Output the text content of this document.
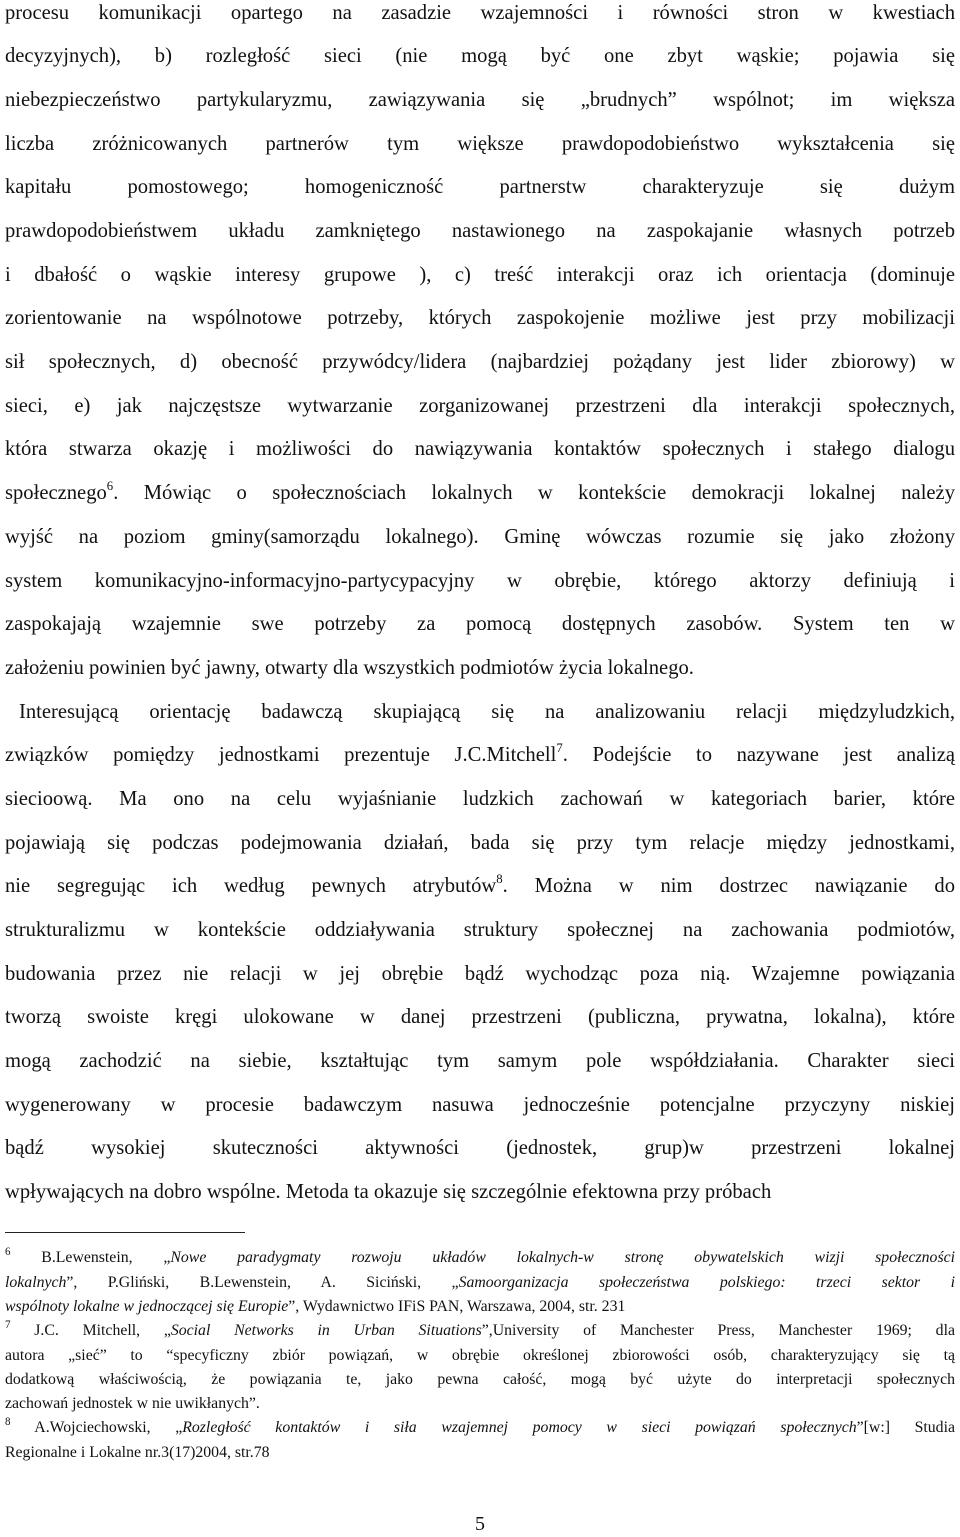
procesu komunikacji opartego na zasadzie wzajemności i równości stron w kwestiach
decyzyjnych), b) rozległość sieci (nie mogą być one zbyt wąskie; pojawia się
niebezpieczeństwo partykularyzmu, zawiązywania się „brudnych” wspólnot; im większa
liczba zróżnicowanych partnerów tym większe prawdopodobieństwo wykształcenia się
kapitału pomostowego; homogeniczność partnerstw charakteryzuje się dużym
prawdopodobieństwem układu zamkniętego nastawionego na zaspokajanie własnych potrzeb
i dbałość o wąskie interesy grupowe ), c) treść interakcji oraz ich orientacja (dominuje
zorientowanie na wspólnotowe potrzeby, których zaspokojenie możliwe jest przy mobilizacji
sił społecznych, d) obecność przywódcy/lidera (najbardziej pożądany jest lider zbiorowy) w
sieci, e) jak najczęstsze wytwarzanie zorganizowanej przestrzeni dla interakcji społecznych,
która stwarza okazję i możliwości do nawiązywania kontaktów społecznych i stałego dialogu
społecznego$^6$. Mówiąc o społecznościach lokalnych w kontekście demokracji lokalnej należy
wyjść na poziom gminy(samorządu lokalnego). Gminę wówczas rozumie się jako złożony
system komunikacyjno-informacyjno-partycypacyjny w obrębie, którego aktorzy definiują i
zaspokajają wzajemnie swe potrzeby za pomocą dostępnych zasobów. System ten w
założeniu powinien być jawny, otwarty dla wszystkich podmiotów życia lokalnego.
Interesującą orientację badawczą skupiającą się na analizowaniu relacji międzyludzkich,
związków pomiędzy jednostkami prezentuje J.C.Mitchell$^7$. Podejście to nazywane jest analizą
siecioową. Ma ono na celu wyjaśnianie ludzkich zachowań w kategoriach barier, które
pojawiają się podczas podejmowania działań, bada się przy tym relacje między jednostkami,
nie segregując ich według pewnych atrybutów$^8$. Można w nim dostrzec nawiązanie do
strukturalizmu w kontekście oddziaływania struktury społecznej na zachowania podmiotów,
budowania przez nie relacji w jej obrębie bądź wychodząc poza nią. Wzajemne powiązania
tworzą swoiste kręgi ulokowane w danej przestrzeni (publiczna, prywatna, lokalna), które
mogą zachodzić na siebie, kształtując tym samym pole współdziałania. Charakter sieci
wygenerowany w procesie badawczym nasuwa jednocześnie potencjalne przyczyny niskiej
bądź wysokiej skuteczności aktywności (jednostek, grup)w przestrzeni lokalnej
wpływających na dobro wspólne. Metoda ta okazuje się szczególnie efektowna przy próbach
$^6$ B.Lewenstein, „Nowe paradygmaty rozwoju układów lokalnych-w stronę obywatelskich wizji społeczności
lokalnych”, P.Gliński, B.Lewenstein, A. Siciński, „Samoorganizacja społeczeństwa polskiego: trzeci sektor i
wspólnoty lokalne w jednoczącej się Europie”, Wydawnictwo IFiS PAN, Warszawa, 2004, str. 231
$^7$ J.C. Mitchell, „Social Networks in Urban Situations”,University of Manchester Press, Manchester 1969; dla
autora „sieć” to “specyficzny zbiór powiązań, w obrębie określonej zbiorowości osób, charakteryzujący się tą
dodatkową właściwością, że powiązania te, jako pewna całość, mogą być użyte do interpretacji społecznych
zachowań jednostek w nie uwikłanych”.
$^8$ A.Wojciechowski, „Rozległość kontaktów i siła wzajemnej pomocy w sieci powiązań społecznych”[w:] Studia
Regionalne i Lokalne nr.3(17)2004, str.78
5
